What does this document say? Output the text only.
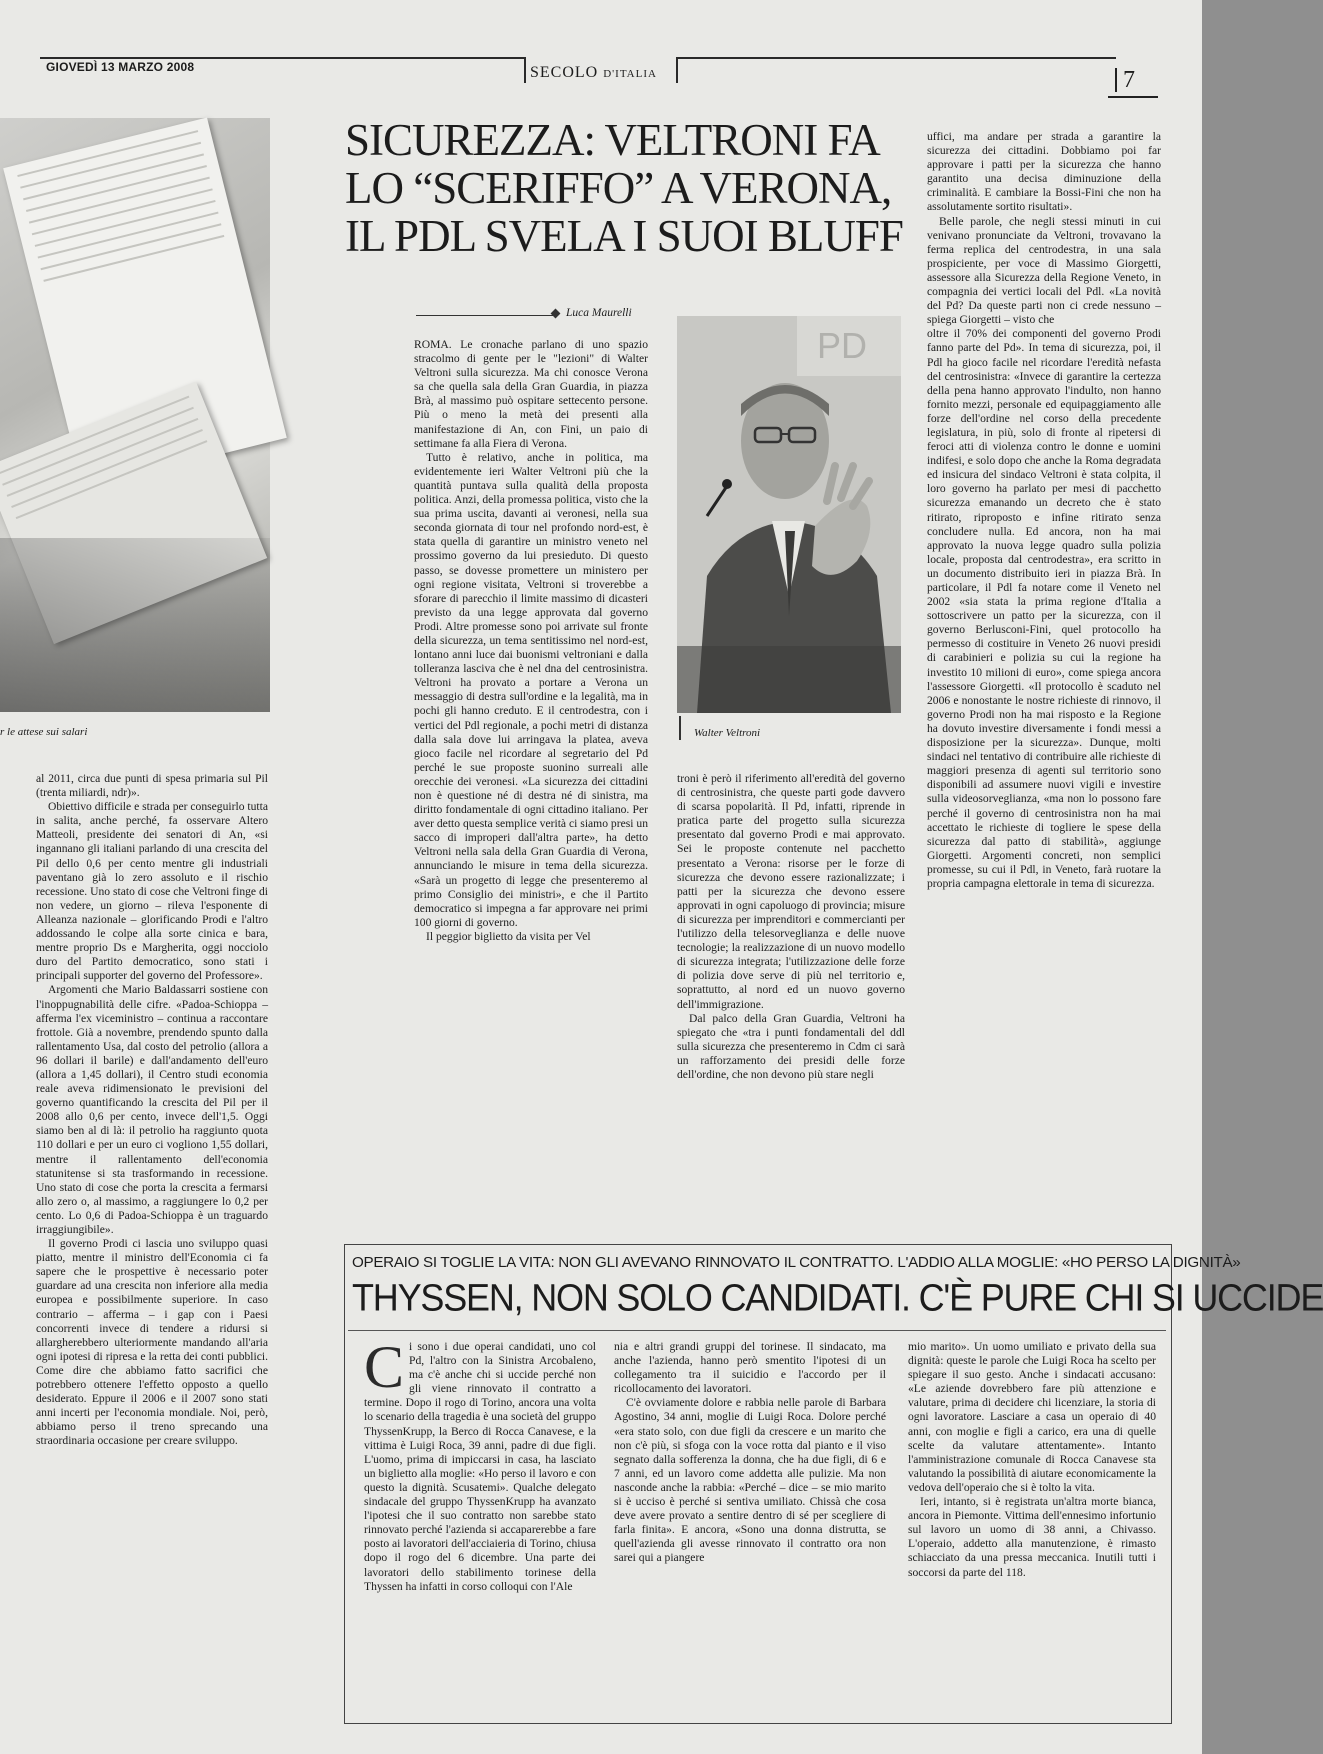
GIOVEDÌ 13 MARZO 2008	SECOLO D'ITALIA	7
r le attese sui salari

al 2011, circa due punti di spesa primaria sul Pil (trenta miliardi, ndr)».

Obiettivo difficile e strada per conseguirlo tutta in salita, anche perché, fa osservare Altero Matteoli, presidente dei senatori di An, «si ingannano gli italiani parlando di una crescita del Pil dello 0,6 per cento mentre gli industriali paventano già lo zero assoluto e il rischio recessione. Uno stato di cose che Veltroni finge di non vedere, un giorno – rileva l'esponente di Alleanza nazionale – glorificando Prodi e l'altro addossando le colpe alla sorte cinica e bara, mentre proprio Ds e Margherita, oggi nocciolo duro del Partito democratico, sono stati i principali supporter del governo del Professore».

Argomenti che Mario Baldassarri sostiene con l'inoppugnabilità delle cifre. «Padoa-Schioppa – afferma l'ex viceministro – continua a raccontare frottole. Già a novembre, prendendo spunto dalla rallentamento Usa, dal costo del petrolio (allora a 96 dollari il barile) e dall'andamento dell'euro (allora a 1,45 dollari), il Centro studi economia reale aveva ridimensionato le previsioni del governo quantificando la crescita del Pil per il 2008 allo 0,6 per cento, invece dell'1,5. Oggi siamo ben al di là: il petrolio ha raggiunto quota 110 dollari e per un euro ci vogliono 1,55 dollari, mentre il rallentamento dell'economia statunitense si sta trasformando in recessione. Uno stato di cose che porta la crescita a fermarsi allo zero o, al massimo, a raggiungere lo 0,2 per cento. Lo 0,6 di Padoa-Schioppa è un traguardo irraggiungibile».

Il governo Prodi ci lascia uno sviluppo quasi piatto, mentre il ministro dell'Economia ci fa sapere che le prospettive è necessario poter guardare ad una crescita non inferiore alla media europea e possibilmente superiore. In caso contrario – afferma – i gap con i Paesi concorrenti invece di tendere a ridursi si allargherebbero ulteriormente mandando all'aria ogni ipotesi di ripresa e la retta dei conti pubblici. Come dire che abbiamo fatto sacrifici che potrebbero ottenere l'effetto opposto a quello desiderato. Eppure il 2006 e il 2007 sono stati anni incerti per l'economia mondiale. Noi, però, abbiamo perso il treno sprecando una straordinaria occasione per creare sviluppo.

SICUREZZA: VELTRONI FA LO “SCERIFFO” A VERONA, IL PDL SVELA I SUOI BLUFF
Luca Maurelli

ROMA. Le cronache parlano di uno spazio stracolmo di gente per le "lezioni" di Walter Veltroni sulla sicurezza. Ma chi conosce Verona sa che quella sala della Gran Guardia, in piazza Brà, al massimo può ospitare settecento persone. Più o meno la metà dei presenti alla manifestazione di An, con Fini, un paio di settimane fa alla Fiera di Verona.

Tutto è relativo, anche in politica, ma evidentemente ieri Walter Veltroni più che la quantità puntava sulla qualità della proposta politica. Anzi, della promessa politica, visto che la sua prima uscita, davanti ai veronesi, nella sua seconda giornata di tour nel profondo nord-est, è stata quella di garantire un ministro veneto nel prossimo governo da lui presieduto. Di questo passo, se dovesse promettere un ministero per ogni regione visitata, Veltroni si troverebbe a sforare di parecchio il limite massimo di dicasteri previsto da una legge approvata dal governo Prodi. Altre promesse sono poi arrivate sul fronte della sicurezza, un tema sentitissimo nel nord-est, lontano anni luce dai buonismi veltroniani e dalla tolleranza lasciva che è nel dna del centrosinistra. Veltroni ha provato a portare a Verona un messaggio di destra sull'ordine e la legalità, ma in pochi gli hanno creduto. E il centrodestra, con i vertici del Pdl regionale, a pochi metri di distanza dalla sala dove lui arringava la platea, aveva gioco facile nel ricordare al segretario del Pd perché le sue proposte suonino surreali alle orecchie dei veronesi. «La sicurezza dei cittadini non è questione né di destra né di sinistra, ma diritto fondamentale di ogni cittadino italiano. Per aver detto questa semplice verità ci siamo presi un sacco di improperi dall'altra parte», ha detto Veltroni nella sala della Gran Guardia di Verona, annunciando le misure in tema della sicurezza. «Sarà un progetto di legge che presenteremo al primo Consiglio dei ministri», e che il Partito democratico si impegna a far approvare nei primi 100 giorni di governo.

Il peggior biglietto da visita per Vel

PD
Walter Veltroni

troni è però il riferimento all'eredità del governo di centrosinistra, che queste parti gode davvero di scarsa popolarità. Il Pd, infatti, riprende in pratica parte del progetto sulla sicurezza presentato dal governo Prodi e mai approvato. Sei le proposte contenute nel pacchetto presentato a Verona: risorse per le forze di sicurezza che devono essere razionalizzate; i patti per la sicurezza che devono essere approvati in ogni capoluogo di provincia; misure di sicurezza per imprenditori e commercianti per l'utilizzo della telesorveglianza e delle nuove tecnologie; la realizzazione di un nuovo modello di sicurezza integrata; l'utilizzazione delle forze di polizia dove serve di più nel territorio e, soprattutto, al nord ed un nuovo governo dell'immigrazione.

Dal palco della Gran Guardia, Veltroni ha spiegato che «tra i punti fondamentali del ddl sulla sicurezza che presenteremo in Cdm ci sarà un rafforzamento dei presidi delle forze dell'ordine, che non devono più stare negli

uffici, ma andare per strada a garantire la sicurezza dei cittadini. Dobbiamo poi far approvare i patti per la sicurezza che hanno garantito una decisa diminuzione della criminalità. E cambiare la Bossi-Fini che non ha assolutamente sortito risultati».

Belle parole, che negli stessi minuti in cui venivano pronunciate da Veltroni, trovavano la ferma replica del centrodestra, in una sala prospiciente, per voce di Massimo Giorgetti, assessore alla Sicurezza della Regione Veneto, in compagnia dei vertici locali del Pdl. «La novità del Pd? Da queste parti non ci crede nessuno – spiega Giorgetti – visto che

oltre il 70% dei componenti del governo Prodi fanno parte del Pd». In tema di sicurezza, poi, il Pdl ha gioco facile nel ricordare l'eredità nefasta del centrosinistra: «Invece di garantire la certezza della pena hanno approvato l'indulto, non hanno fornito mezzi, personale ed equipaggiamento alle forze dell'ordine nel corso della precedente legislatura, in più, solo di fronte al ripetersi di feroci atti di violenza contro le donne e uomini indifesi, e solo dopo che anche la Roma degradata ed insicura del sindaco Veltroni è stata colpita, il loro governo ha parlato per mesi di pacchetto sicurezza emanando un decreto che è stato ritirato, riproposto e infine ritirato senza concludere nulla. Ed ancora, non ha mai approvato la nuova legge quadro sulla polizia locale, proposta dal centrodestra», era scritto in un documento distribuito ieri in piazza Brà. In particolare, il Pdl fa notare come il Veneto nel 2002 «sia stata la prima regione d'Italia a sottoscrivere un patto per la sicurezza, con il governo Berlusconi-Fini, quel protocollo ha permesso di costituire in Veneto 26 nuovi presidi di carabinieri e polizia su cui la regione ha investito 10 milioni di euro», come spiega ancora l'assessore Giorgetti. «Il protocollo è scaduto nel 2006 e nonostante le nostre richieste di rinnovo, il governo Prodi non ha mai risposto e la Regione ha dovuto investire diversamente i fondi messi a disposizione per la sicurezza». Dunque, molti sindaci nel tentativo di contribuire alle richieste di maggiori presenza di agenti sul territorio sono disponibili ad assumere nuovi vigili e investire sulla videosorveglianza, «ma non lo possono fare perché il governo di centrosinistra non ha mai accettato le richieste di togliere le spese della sicurezza dal patto di stabilità», aggiunge Giorgetti. Argomenti concreti, non semplici promesse, su cui il Pdl, in Veneto, farà ruotare la propria campagna elettorale in tema di sicurezza.

OPERAIO SI TOGLIE LA VITA: NON GLI AVEVANO RINNOVATO IL CONTRATTO. L'ADDIO ALLA MOGLIE: «HO PERSO LA DIGNITÀ»
THYSSEN, NON SOLO CANDIDATI. C'È PURE CHI SI UCCIDE
Ci sono i due operai candidati, uno col Pd, l'altro con la Sinistra Arcobaleno, ma c'è anche chi si uccide perché non gli viene rinnovato il contratto a termine. Dopo il rogo di Torino, ancora una volta lo scenario della tragedia è una società del gruppo ThyssenKrupp, la Berco di Rocca Canavese, e la vittima è Luigi Roca, 39 anni, padre di due figli. L'uomo, prima di impiccarsi in casa, ha lasciato un biglietto alla moglie: «Ho perso il lavoro e con questo la dignità. Scusatemi». Qualche delegato sindacale del gruppo ThyssenKrupp ha avanzato l'ipotesi che il suo contratto non sarebbe stato rinnovato perché l'azienda si accaparerebbe a fare posto ai lavoratori dell'acciaieria di Torino, chiusa dopo il rogo del 6 dicembre. Una parte dei lavoratori dello stabilimento torinese della Thyssen ha infatti in corso colloqui con l'Ale

nia e altri grandi gruppi del torinese. Il sindacato, ma anche l'azienda, hanno però smentito l'ipotesi di un collegamento tra il suicidio e l'accordo per il ricollocamento dei lavoratori.

C'è ovviamente dolore e rabbia nelle parole di Barbara Agostino, 34 anni, moglie di Luigi Roca. Dolore perché «era stato solo, con due figli da crescere e un marito che non c'è più, si sfoga con la voce rotta dal pianto e il viso segnato dalla sofferenza la donna, che ha due figli, di 6 e 7 anni, ed un lavoro come addetta alle pulizie. Ma non nasconde anche la rabbia: «Perché – dice – se mio marito si è ucciso è perché si sentiva umiliato. Chissà che cosa deve avere provato a sentire dentro di sé per scegliere di farla finita». E ancora, «Sono una donna distrutta, se quell'azienda gli avesse rinnovato il contratto ora non sarei qui a piangere

mio marito». Un uomo umiliato e privato della sua dignità: queste le parole che Luigi Roca ha scelto per spiegare il suo gesto. Anche i sindacati accusano: «Le aziende dovrebbero fare più attenzione e valutare, prima di decidere chi licenziare, la storia di ogni lavoratore. Lasciare a casa un operaio di 40 anni, con moglie e figli a carico, era una di quelle scelte da valutare attentamente». Intanto l'amministrazione comunale di Rocca Canavese sta valutando la possibilità di aiutare economicamente la vedova dell'operaio che si è tolto la vita.

Ieri, intanto, si è registrata un'altra morte bianca, ancora in Piemonte. Vittima dell'ennesimo infortunio sul lavoro un uomo di 38 anni, a Chivasso. L'operaio, addetto alla manutenzione, è rimasto schiacciato da una pressa meccanica. Inutili tutti i soccorsi da parte del 118.
